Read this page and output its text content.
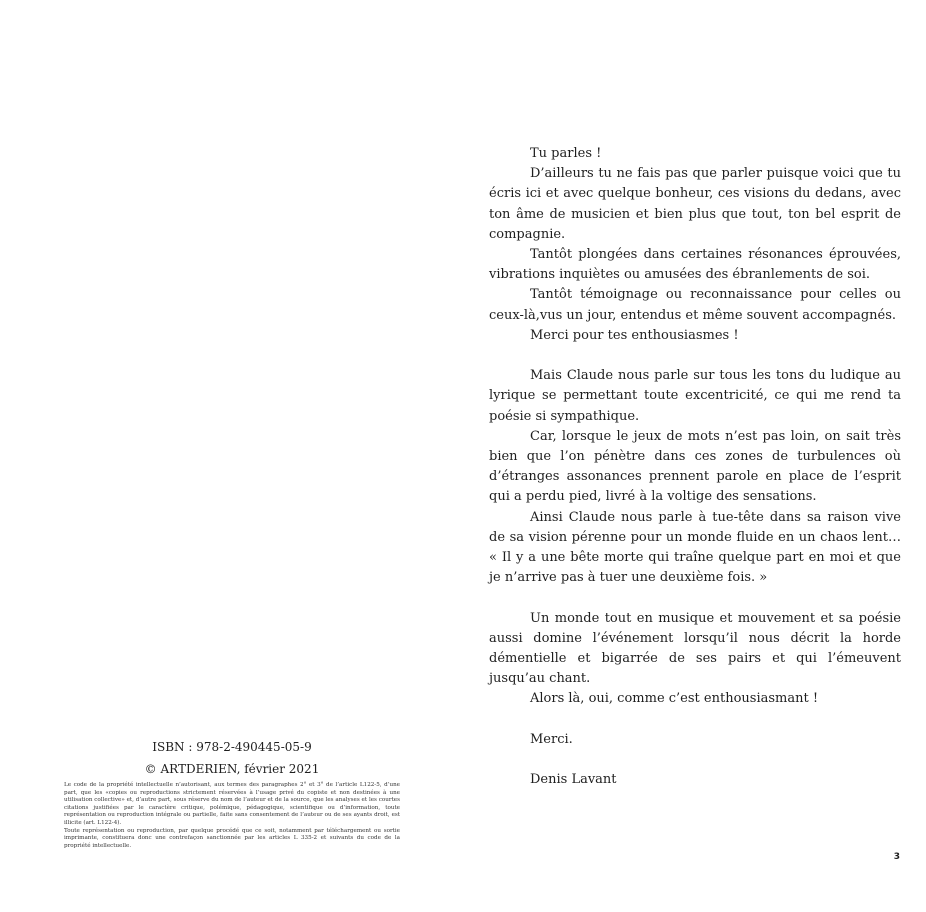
Tu parles !

D’ailleurs tu ne fais pas que parler puisque voici que tu écris ici et avec quelque bonheur, ces visions du dedans, avec ton âme de musicien et bien plus que tout, ton bel esprit de compagnie.

Tantôt plongées dans certaines résonances éprouvées, vibrations inquiètes ou amusées des ébranlements de soi.

Tantôt témoignage ou reconnaissance pour celles ou ceux-là,vus un jour, entendus et même souvent accompagnés.

Merci pour tes enthousiasmes !

Mais Claude nous parle sur tous les tons du ludique au lyrique se permettant toute excentricité, ce qui me rend ta poésie si sympathique.

Car, lorsque le jeux de mots n’est pas loin, on sait très bien que l’on pénètre dans ces zones de turbulences où d’étranges assonances prennent parole en place de l’esprit qui a perdu pied, livré à la voltige des sensations.

Ainsi Claude nous parle à tue-tête dans sa raison vive de sa vision pérenne pour un monde fluide en un chaos lent… « Il y a une bête morte qui traîne quelque part en moi et que je n’arrive pas à tuer une deuxième fois. »

Un monde tout en musique et mouvement et sa poésie aussi domine l’événement lorsqu’il nous décrit la horde démentielle et bigarrée de ses pairs et qui l’émeuvent jusqu’au chant.

Alors là, oui, comme c’est enthousiasmant !

Merci.

Denis Lavant

ISBN : 978-2-490445-05-9
© ARTDERIEN, février 2021

Le code de la propriété intellectuelle n’autorisant, aux termes des paragraphes 2° et 3° de l’article L122-5, d’une part, que les «copies ou reproductions strictement réservées à l’usage privé du copiste et non destinées à une utilisation collective» et, d’autre part, sous réserve du nom de l’auteur et de la source, que les analyses et les courtes citations justifiées par le caractère critique, polémique, pédagogique, scientifique ou d’information, toute représentation ou reproduction intégrale ou partielle, faite sans consentement de l’auteur ou de ses ayants droit, est illicite (art. L122-4).

Toute représentation ou reproduction, par quelque procédé que ce soit, notamment par téléchargement ou sortie imprimante, constituera donc une contrefaçon sanctionnée par les articles L 335-2 et suivants du code de la propriété intellectuelle.

3
